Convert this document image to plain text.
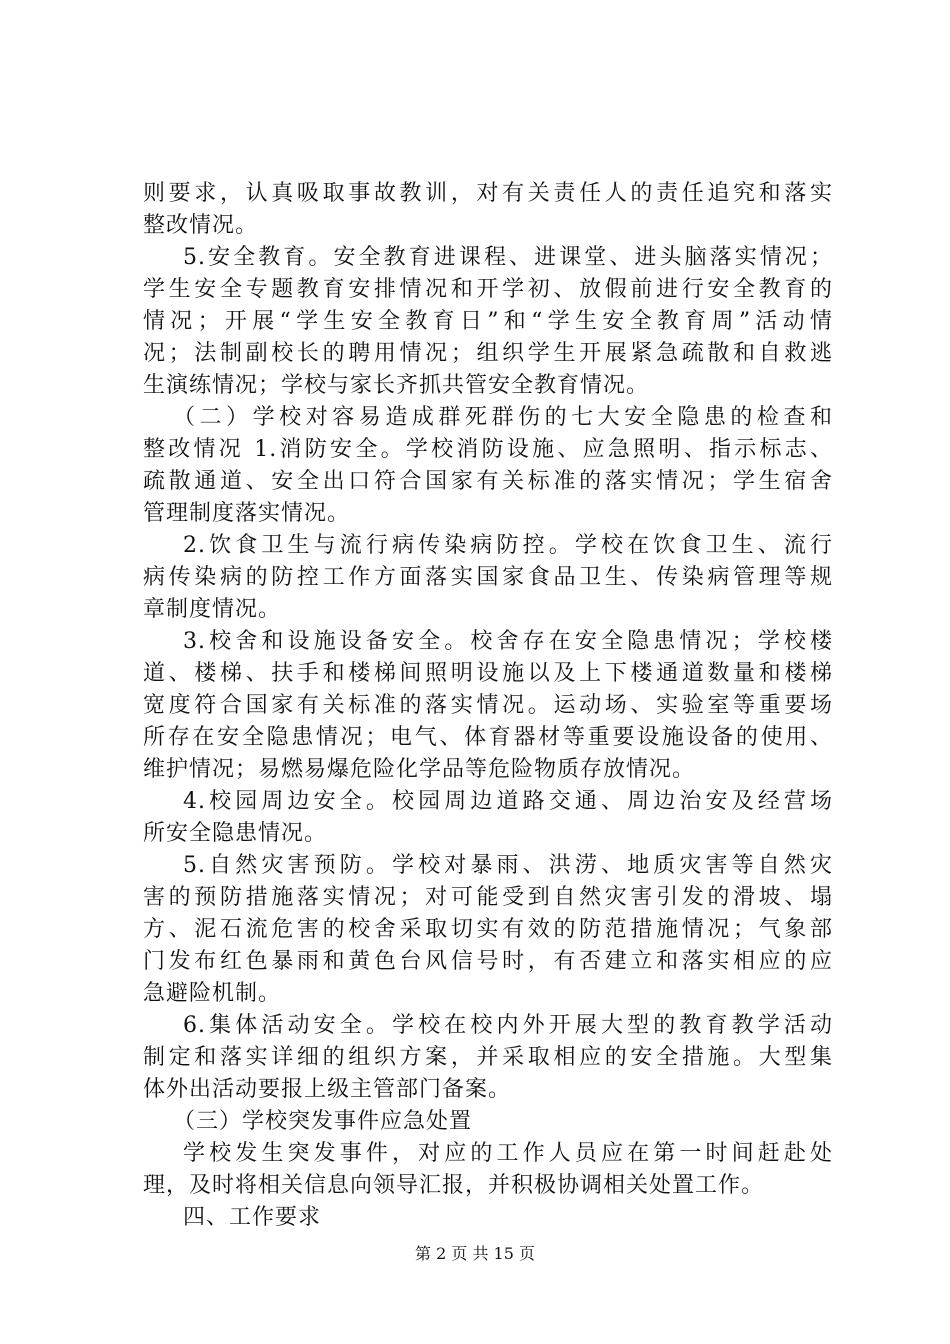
则要求，认真吸取事故教训，对有关责任人的责任追究和落实
整改情况。
5.安全教育。安全教育进课程、进课堂、进头脑落实情况；
学生安全专题教育安排情况和开学初、放假前进行安全教育的
情况；开展“学生安全教育日”和“学生安全教育周”活动情
况；法制副校长的聘用情况；组织学生开展紧急疏散和自救逃
生演练情况；学校与家长齐抓共管安全教育情况。
（二）学校对容易造成群死群伤的七大安全隐患的检查和
整改情况 1.消防安全。学校消防设施、应急照明、指示标志、
疏散通道、安全出口符合国家有关标准的落实情况；学生宿舍
管理制度落实情况。
2.饮食卫生与流行病传染病防控。学校在饮食卫生、流行
病传染病的防控工作方面落实国家食品卫生、传染病管理等规
章制度情况。
3.校舍和设施设备安全。校舍存在安全隐患情况；学校楼
道、楼梯、扶手和楼梯间照明设施以及上下楼通道数量和楼梯
宽度符合国家有关标准的落实情况。运动场、实验室等重要场
所存在安全隐患情况；电气、体育器材等重要设施设备的使用、
维护情况；易燃易爆危险化学品等危险物质存放情况。
4.校园周边安全。校园周边道路交通、周边治安及经营场
所安全隐患情况。
5.自然灾害预防。学校对暴雨、洪涝、地质灾害等自然灾
害的预防措施落实情况；对可能受到自然灾害引发的滑坡、塌
方、泥石流危害的校舍采取切实有效的防范措施情况；气象部
门发布红色暴雨和黄色台风信号时，有否建立和落实相应的应
急避险机制。
6.集体活动安全。学校在校内外开展大型的教育教学活动
制定和落实详细的组织方案，并采取相应的安全措施。大型集
体外出活动要报上级主管部门备案。
（三）学校突发事件应急处置
学校发生突发事件，对应的工作人员应在第一时间赶赴处
理，及时将相关信息向领导汇报，并积极协调相关处置工作。
四、工作要求
第 2 页 共 15 页
